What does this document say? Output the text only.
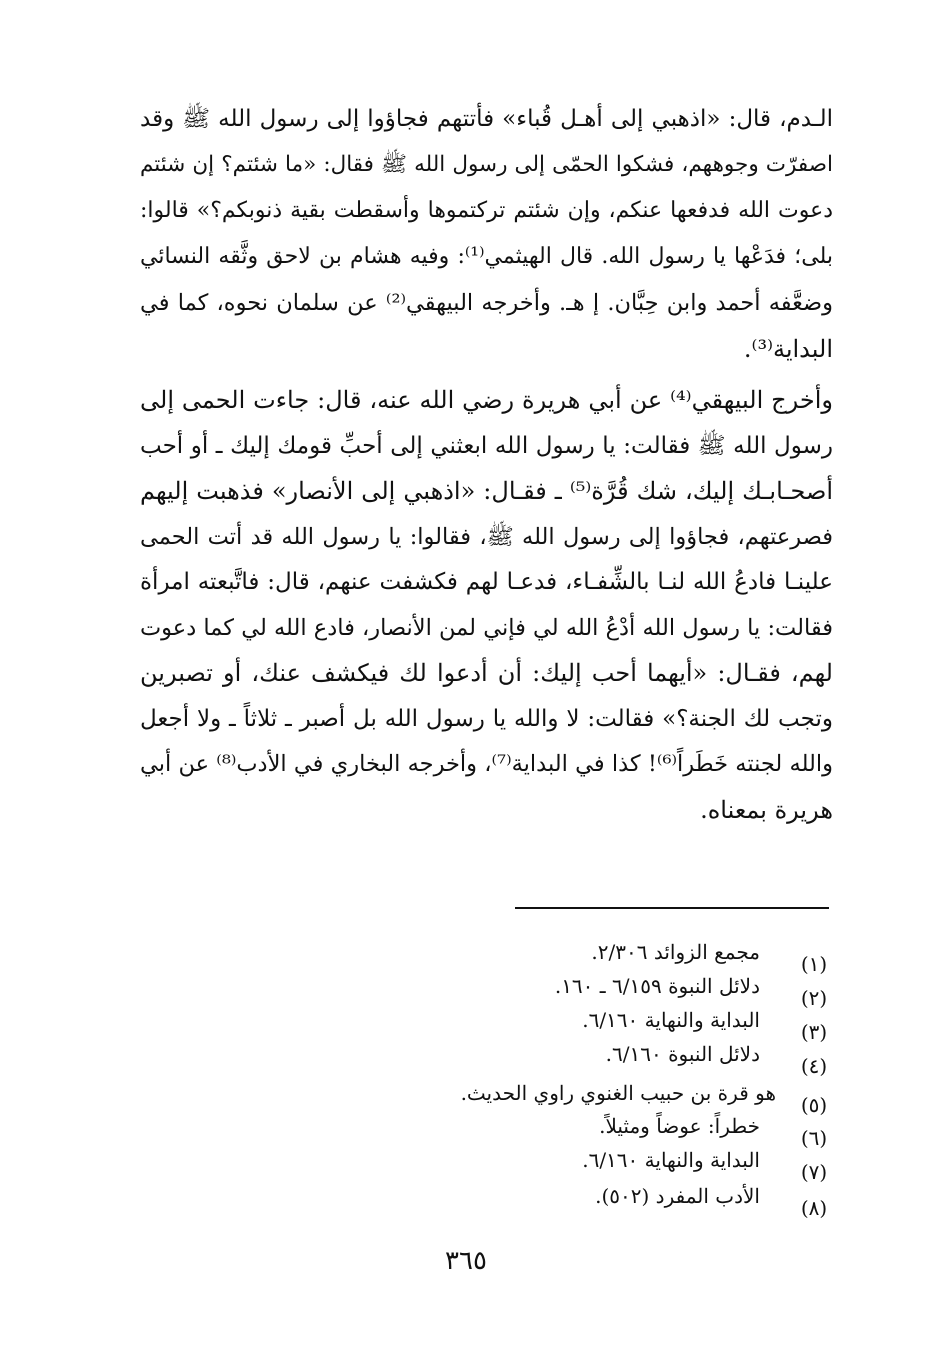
الـدم، قال: «اذهبي إلى أهـل قُباء» فأتتهم فجاؤوا إلى رسول الله ﷺ وقد
اصفرّت وجوههم، فشكوا الحمّى إلى رسول الله ﷺ فقال: «ما شئتم؟ إن شئتم
دعوت الله فدفعها عنكم، وإن شئتم تركتموها وأسقطت بقية ذنوبكم؟» قالوا:
بلى؛ فدَعْها يا رسول الله. قال الهيثمي⁽¹⁾: وفيه هشام بن لاحق وثَّقه النسائي
وضعَّفه أحمد وابن حِبَّان. إ هـ. وأخرجه البيهقي⁽²⁾ عن سلمان نحوه، كما في
البداية⁽³⁾.
وأخرج البيهقي⁽⁴⁾ عن أبي هريرة رضي الله عنه، قال: جاءت الحمى إلى
رسول الله ﷺ فقالت: يا رسول الله ابعثني إلى أحبِّ قومك إليك ـ أو أحب
أصحـابـك إليك، شك قُرَّة⁽⁵⁾ ـ فقـال: «اذهبي إلى الأنصار» فذهبت إليهم
فصرعتهم، فجاؤوا إلى رسول الله ﷺ، فقالوا: يا رسول الله قد أتت الحمى
علينـا فادعُ الله لنـا بالشِّفـاء، فدعـا لهم فكشفت عنهم، قال: فاتَّبعته امرأة
فقالت: يا رسول الله أدْعُ الله لي فإني لمن الأنصار، فادع الله لي كما دعوت
لهم، فقـال: «أيهما أحب إليك: أن أدعوا لك فيكشف عنك، أو تصبرين
وتجب لك الجنة؟» فقالت: لا والله يا رسول الله بل أصبر ـ ثلاثاً ـ ولا أجعل
والله لجنته خَطَراً⁽⁶⁾! كذا في البداية⁽⁷⁾، وأخرجه البخاري في الأدب⁽⁸⁾ عن أبي
هريرة بمعناه.
(١)
مجمع الزوائد ٢/٣٠٦.
(٢)
دلائل النبوة ٦/١٥٩ ـ ١٦٠.
(٣)
البداية والنهاية ٦/١٦٠.
(٤)
دلائل النبوة ٦/١٦٠.
(٥)
هو قرة بن حبيب الغنوي راوي الحديث.
(٦)
خطراً: عوضاً ومثيلاً.
(٧)
البداية والنهاية ٦/١٦٠.
(٨)
الأدب المفرد (٥٠٢).
٣٦٥
